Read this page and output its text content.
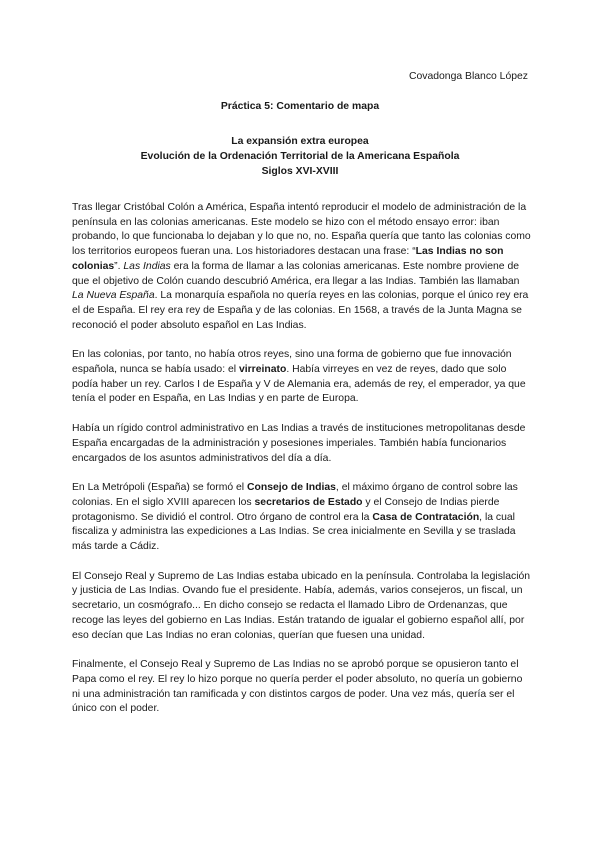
Covadonga Blanco López
Práctica 5: Comentario de mapa
La expansión extra europea
Evolución de la Ordenación Territorial de la Americana Española
Siglos XVI-XVIII

Tras llegar Cristóbal Colón a América, España intentó reproducir el modelo de administración de la península en las colonias americanas. Este modelo se hizo con el método ensayo error: iban probando, lo que funcionaba lo dejaban y lo que no, no. España quería que tanto las colonias como los territorios europeos fueran una. Los historiadores destacan una frase: “Las Indias no son colonias”. Las Indias era la forma de llamar a las colonias americanas. Este nombre proviene de que el objetivo de Colón cuando descubrió América, era llegar a las Indias. También las llamaban La Nueva España. La monarquía española no quería reyes en las colonias, porque el único rey era el de España. El rey era rey de España y de las colonias. En 1568, a través de la Junta Magna se reconoció el poder absoluto español en Las Indias.

En las colonias, por tanto, no había otros reyes, sino una forma de gobierno que fue innovación española, nunca se había usado: el virreinato. Había virreyes en vez de reyes, dado que solo podía haber un rey. Carlos I de España y V de Alemania era, además de rey, el emperador, ya que tenía el poder en España, en Las Indias y en parte de Europa.

Había un rígido control administrativo en Las Indias a través de instituciones metropolitanas desde España encargadas de la administración y posesiones imperiales. También había funcionarios encargados de los asuntos administrativos del día a día.

En La Metrópoli (España) se formó el Consejo de Indias, el máximo órgano de control sobre las colonias. En el siglo XVIII aparecen los secretarios de Estado y el Consejo de Indias pierde protagonismo. Se dividió el control. Otro órgano de control era la Casa de Contratación, la cual fiscaliza y administra las expediciones a Las Indias. Se crea inicialmente en Sevilla y se traslada más tarde a Cádiz.

El Consejo Real y Supremo de Las Indias estaba ubicado en la península. Controlaba la legislación y justicia de Las Indias. Ovando fue el presidente. Había, además, varios consejeros, un fiscal, un secretario, un cosmógrafo... En dicho consejo se redacta el llamado Libro de Ordenanzas, que recoge las leyes del gobierno en Las Indias. Están tratando de igualar el gobierno español allí, por eso decían que Las Indias no eran colonias, querían que fuesen una unidad.

Finalmente, el Consejo Real y Supremo de Las Indias no se aprobó porque se opusieron tanto el Papa como el rey. El rey lo hizo porque no quería perder el poder absoluto, no quería un gobierno ni una administración tan ramificada y con distintos cargos de poder. Una vez más, quería ser el único con el poder.
